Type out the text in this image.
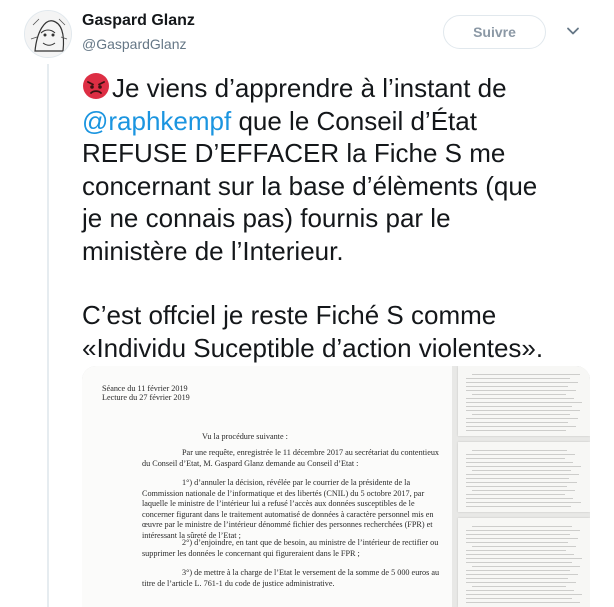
Gaspard Glanz
@GaspardGlanz
Suivre

Je viens d’apprendre à l’instant de

@raphkempf que le Conseil d’État

REFUSE D’EFFACER la Fiche S me

concernant sur la base d’élèments (que

je ne connais pas) fournis par le

ministère de l’Interieur.

C’est offciel je reste Fiché S comme

«Individu Suceptible d’action violentes».

Séance du 11 février 2019
Lecture du 27 février 2019
Vu la procédure suivante :
Par une requête, enregistrée le 11 décembre 2017 au secrétariat du contentieux du Conseil d’Etat, M. Gaspard Glanz demande au Conseil d’Etat :
1°) d’annuler la décision, révélée par le courrier de la présidente de la Commission nationale de l’informatique et des libertés (CNIL) du 5 octobre 2017, par laquelle le ministre de l’intérieur lui a refusé l’accès aux données susceptibles de le concerner figurant dans le traitement automatisé de données à caractère personnel mis en œuvre par le ministre de l’intérieur dénommé fichier des personnes recherchées (FPR) et intéressant la sûreté de l’Etat ;
2°) d’enjoindre, en tant que de besoin, au ministre de l’intérieur de rectifier ou supprimer les données le concernant qui figureraient dans le FPR ;
3°) de mettre à la charge de l’Etat le versement de la somme de 5 000 euros au titre de l’article L. 761-1 du code de justice administrative.
